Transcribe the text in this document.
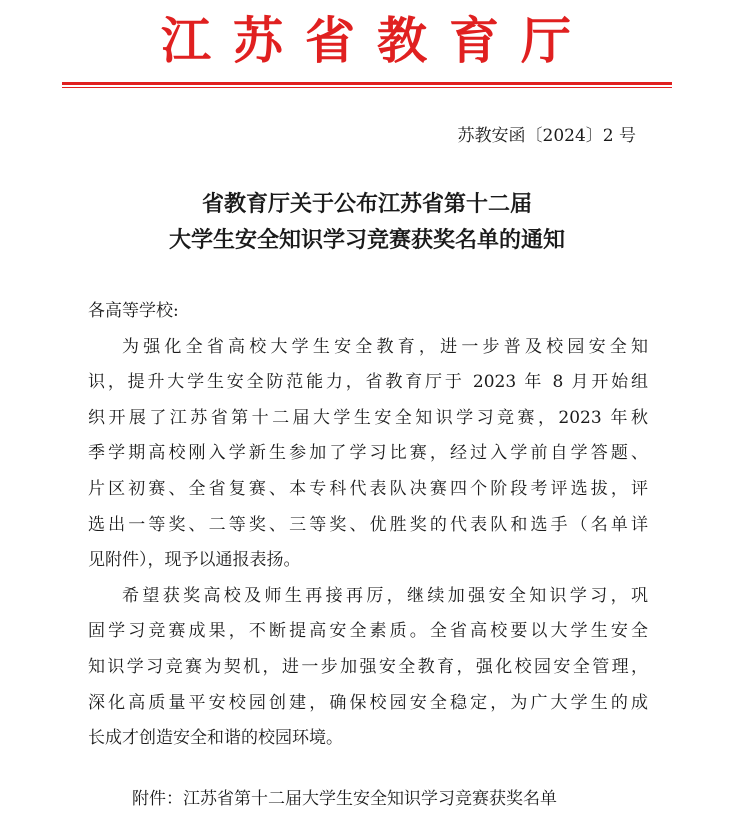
江苏省教育厅
苏教安函〔2024〕2 号
省教育厅关于公布江苏省第十二届
大学生安全知识学习竞赛获奖名单的通知
各高等学校:
为强化全省高校大学生安全教育，进一步普及校园安全知
识，提升大学生安全防范能力，省教育厅于 2023 年 8 月开始组
织开展了江苏省第十二届大学生安全知识学习竞赛，2023 年秋
季学期高校刚入学新生参加了学习比赛，经过入学前自学答题、
片区初赛、全省复赛、本专科代表队决赛四个阶段考评选拔，评
选出一等奖、二等奖、三等奖、优胜奖的代表队和选手（名单详
见附件），现予以通报表扬。
希望获奖高校及师生再接再厉，继续加强安全知识学习，巩
固学习竞赛成果，不断提高安全素质。全省高校要以大学生安全
知识学习竞赛为契机，进一步加强安全教育，强化校园安全管理，
深化高质量平安校园创建，确保校园安全稳定，为广大学生的成
长成才创造安全和谐的校园环境。
附件：江苏省第十二届大学生安全知识学习竞赛获奖名单
